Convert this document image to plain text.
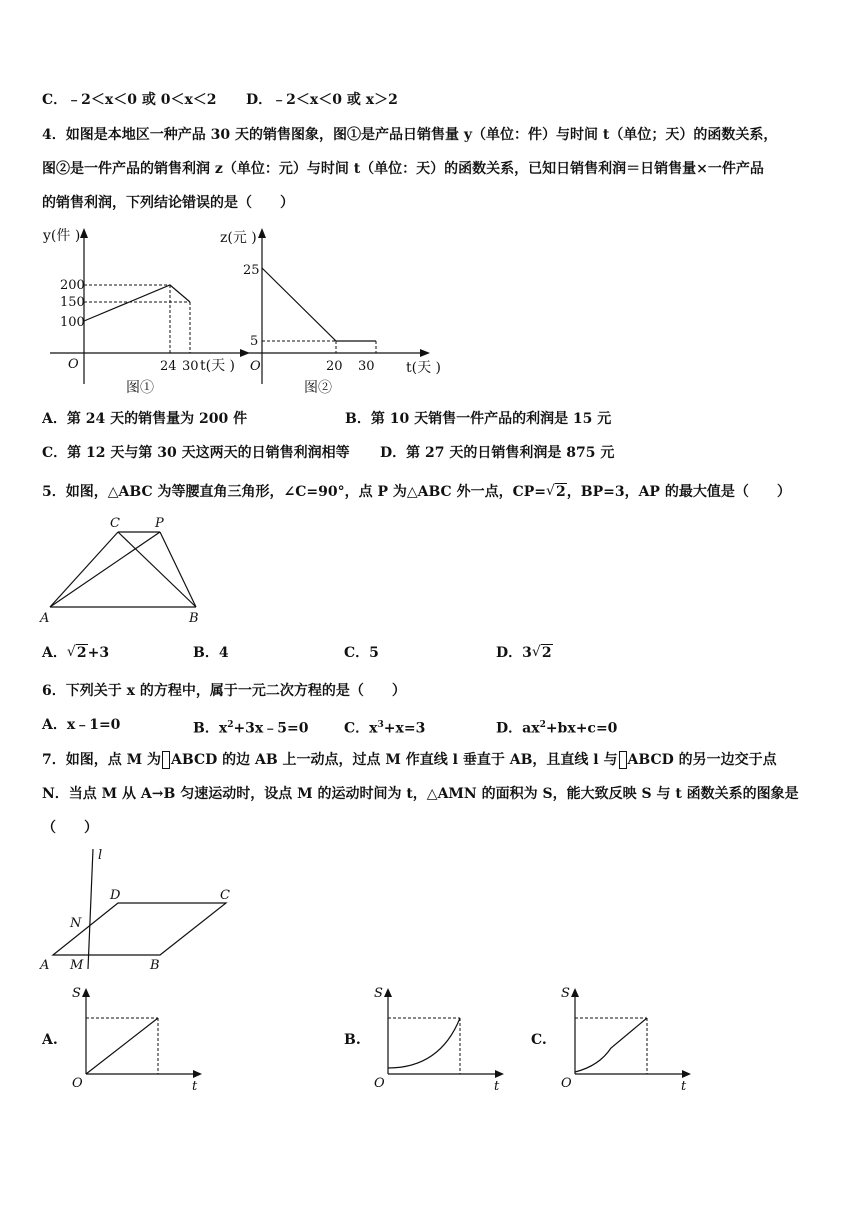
C．﹣2＜x＜0 或 0＜x＜2 D．﹣2＜x＜0 或 x＞2
4．如图是本地区一种产品 30 天的销售图象，图①是产品日销售量 y（单位：件）与时间 t（单位；天）的函数关系，
图②是一件产品的销售利润 z（单位：元）与时间 t（单位：天）的函数关系，已知日销售利润＝日销售量×一件产品
的销售利润，下列结论错误的是（　　）
y(件 )
200
150
100
O	24 30 t(天 )
图①
z(元 )
25
5
O	20 30 t(天 )
图②
A．第 24 天的销售量为 200 件	B．第 10 天销售一件产品的利润是 15 元
C．第 12 天与第 30 天这两天的日销售利润相等 D．第 27 天的日销售利润是 875 元
5．如图，△ABC 为等腰直角三角形，∠C=90°，点 P 为△ABC 外一点，CP= √ 2，BP=3，AP 的最大值是（　　）
C	P
A	B
A． √ 2+3	B．4	C．5	D．3 √ 2
6．下列关于 x 的方程中，属于一元二次方程的是（　　）
A．x﹣1=0	B．$x^2+3x﹣5=0$	C．$x^3+x=3$	D．$ax^2+bx+c=0$
7．如图，点 M 为 ABCD 的边 AB 上一动点，过点 M 作直线 l 垂直于 AB，且直线 l 与 ABCD 的另一边交于点
N．当点 M 从 A→B 匀速运动时，设点 M 的运动时间为 t，△AMN 的面积为 S，能大致反映 S 与 t 函数关系的图象是
（　　）
l
D	C
N
A M	B
A.
S
O	t
B.
S
O	t
C.
S
O	t
